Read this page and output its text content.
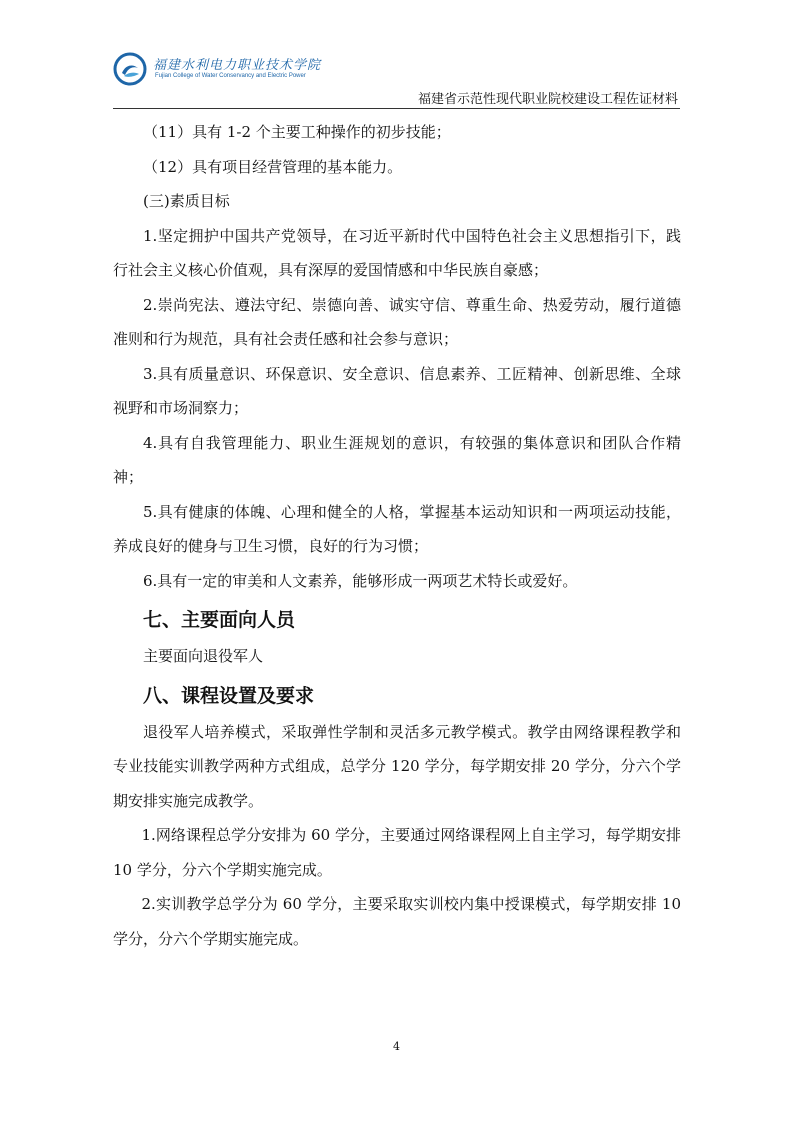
福建水利电力职业技术学院
Fujian College of Water Conservancy and Electric Power
福建省示范性现代职业院校建设工程佐证材料

（11）具有 1-2 个主要工种操作的初步技能；

（12）具有项目经营管理的基本能力。

(三)素质目标

1.坚定拥护中国共产党领导，在习近平新时代中国特色社会主义思想指引下，践行社会主义核心价值观，具有深厚的爱国情感和中华民族自豪感；

2.崇尚宪法、遵法守纪、崇德向善、诚实守信、尊重生命、热爱劳动，履行道德准则和行为规范，具有社会责任感和社会参与意识；

3.具有质量意识、环保意识、安全意识、信息素养、工匠精神、创新思维、全球视野和市场洞察力；

4.具有自我管理能力、职业生涯规划的意识，有较强的集体意识和团队合作精神；

5.具有健康的体魄、心理和健全的人格，掌握基本运动知识和一两项运动技能，养成良好的健身与卫生习惯，良好的行为习惯；

6.具有一定的审美和人文素养，能够形成一两项艺术特长或爱好。

七、主要面向人员

主要面向退役军人

八、课程设置及要求

退役军人培养模式，采取弹性学制和灵活多元教学模式。教学由网络课程教学和专业技能实训教学两种方式组成，总学分 120 学分，每学期安排 20 学分，分六个学期安排实施完成教学。

1.网络课程总学分安排为 60 学分，主要通过网络课程网上自主学习，每学期安排 10 学分，分六个学期实施完成。

2.实训教学总学分为 60 学分，主要采取实训校内集中授课模式，每学期安排 10 学分，分六个学期实施完成。

4
